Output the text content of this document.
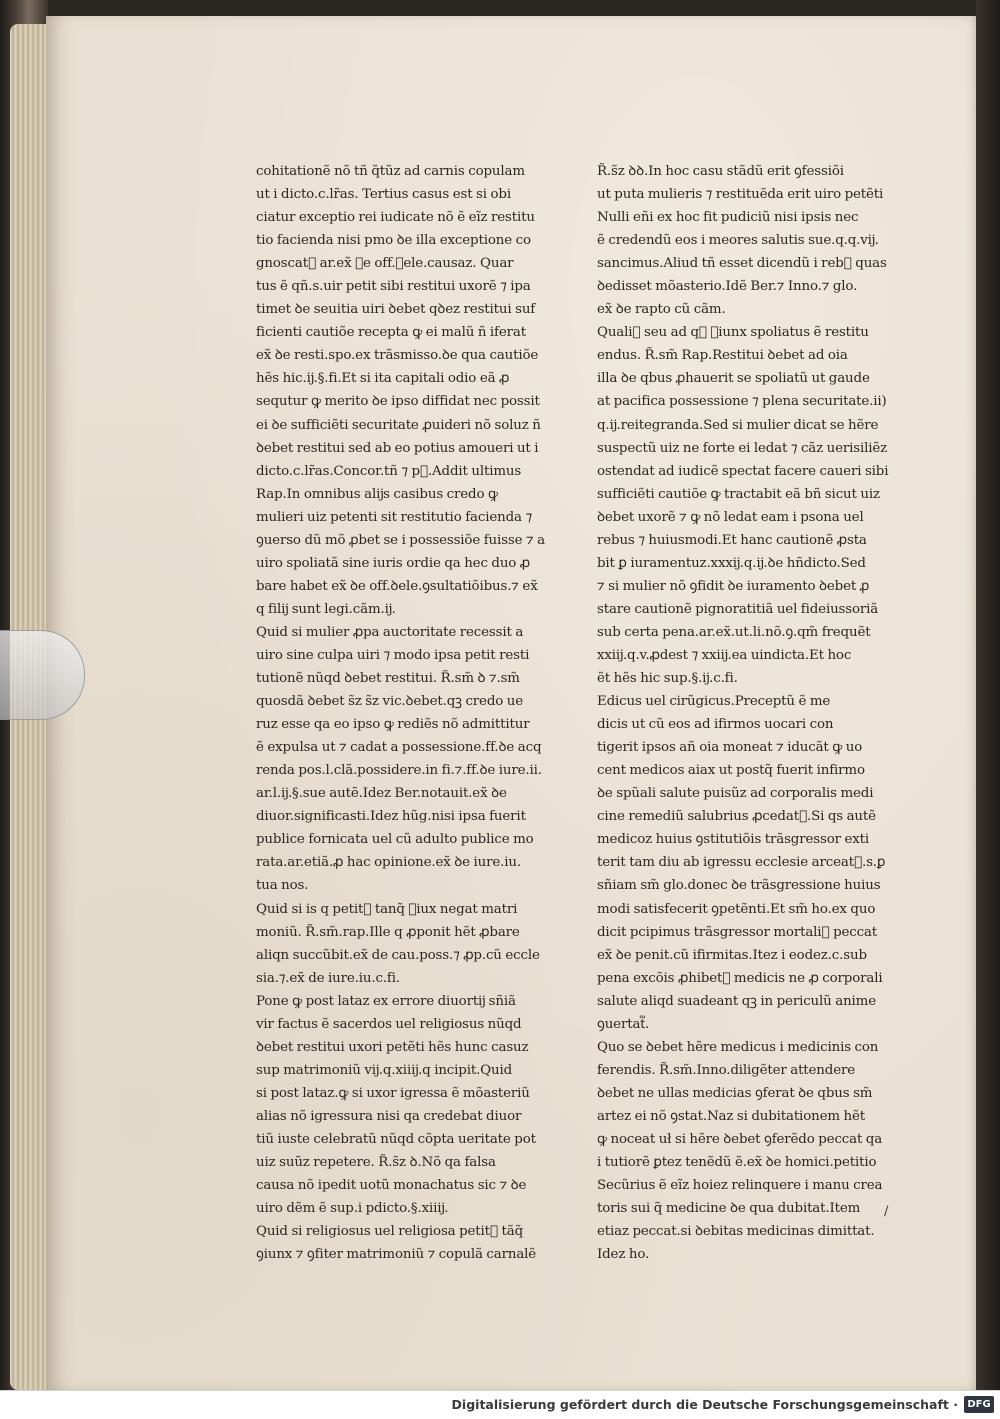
cohitationẽ nõ tñ q̃tũz ad carnis copulam

ut i dicto.c.lr̃as. Tertius casus est si obi

ciatur exceptio rei iudicate nõ ẽ eĩz restitu

tio facienda nisi pmo ꝺe illa exceptione co

gnoscat᷑ ar.ex̃ ꝺe off.ꝺele.causaz. Quar

tus ẽ qñ.s.uir petit sibi restitui uxorẽ ⁊ ipa

timet ꝺe seuitia uiri ꝺebet qꝺez restitui suf

ficienti cautiõe recepta ꝙ ei malũ ñ iferat

ex̃ ꝺe resti.spo.ex trãsmisso.ꝺe qua cautiõe

hẽs hic.ĳ.§.fi.Et si ita capitali odio eã ꝓ

sequtur ꝙ merito ꝺe ipso diffidat nec possit

ei ꝺe sufficiẽti securitate ꝓuideri nõ soluz ñ

ꝺebet restitui sed ab eo potius amoueri ut i

dicto.c.lr̃as.Concor.tñ ⁊ p᷑.Addit ultimus

Rap.In omnibus alĳs casibus credo ꝙ

mulieri uiz petenti sit restitutio facienda ⁊

ꝯuerso dũ mõ ꝓbet se i possessiõe fuisse ⁊ a

uiro spoliatã sine iuris ordie qa hec duo ꝓ

bare habet ex̃ ꝺe off.ꝺele.ꝯsultatiõibus.⁊ ex̃

q filĳ sunt legi.cãm.ĳ.

Quid si mulier ꝓpa auctoritate recessit a

uiro sine culpa uiri ⁊ modo ipsa petit resti

tutionẽ nũqd ꝺebet restitui. R̃.sm̃ ꝺ ⁊.sm̃

quosdã ꝺebet s̃z s̃z vic.ꝺebet.qꝫ credo ue

ruz esse qa eo ipso ꝙ rediẽs nõ admittitur

ẽ expulsa ut ⁊ cadat a possessione.ff.ꝺe acq

renda pos.l.clã.possidere.in fi.⁊.ff.ꝺe iure.ii.

ar.l.ĳ.§.sue autẽ.Idez Ber.notauit.ex̃ ꝺe

diuor.significasti.Idez hũg.nisi ipsa fuerit

publice fornicata uel cũ adulto publice mo

rata.ar.etiã.ꝓ hac opinione.ex̃ ꝺe iure.iu.

tua nos.

Quid si is q petit᷑ tanq̃ ꝯiux negat matri

moniũ. R̃.sm̃.rap.Ille q ꝓponit hẽt ꝓbare

aliqn succũbit.ex̃ de cau.poss.⁊ ꝓp.cũ eccle

sia.⁊.ex̃ de iure.iu.c.fi.

Pone ꝙ post lataz ex errore diuortĳ sñiã

vir factus ẽ sacerdos uel religiosus nũqd

ꝺebet restitui uxori petẽti hẽs hunc casuz

sup matrimoniũ vĳ.q.xiiĳ.q incipit.Quid

si post lataz.ꝙ si uxor igressa ẽ mõasteriũ

alias nõ igressura nisi qa credebat diuor

tiũ iuste celebratũ nũqd cõpta ueritate pot

uiz suũz repetere. R̃.s̃z ꝺ.Nõ qa falsa

causa nõ ipedit uotũ monachatus sic ⁊ ꝺe

uiro dẽm ẽ sup.i pdicto.§.xiiĳ.

Quid si religiosus uel religiosa petit᷑ tãq̃

ꝯiunx ⁊ ꝯfiter matrimoniũ ⁊ copulã carnalẽ

R̃.s̃z ꝺꝺ.In hoc casu stãdũ erit ꝯfessiõi

ut puta mulieris ⁊ restituẽda erit uiro petẽti

Nulli eñi ex hoc fit pudiciũ nisi ipsis nec

ẽ credendũ eos i meores salutis sue.q.q.vĳ.

sancimus.Aliud tñ esset dicendũ i reb᷑ quas

ꝺedisset mõasterio.Idẽ Ber.⁊ Inno.⁊ glo.

ex̃ ꝺe rapto cũ cãm.

Quali᷑ seu ad qꝫ ꝯiunx spoliatus ẽ restitu

endus. R̃.sm̃ Rap.Restitui ꝺebet ad oia

illa ꝺe qbus ꝓhauerit se spoliatũ ut gaude

at pacifica possessione ⁊ plena securitate.ii)

q.ĳ.reitegranda.Sed si mulier dicat se hẽre

suspectũ uiz ne forte ei ledat ⁊ cãz uerisiliẽz

ostendat ad iudicẽ spectat facere caueri sibi

sufficiẽti cautiõe ꝙ tractabit eã bñ sicut uiz

ꝺebet uxorẽ ⁊ ꝙ nõ ledat eam i psona uel

rebus ⁊ huiusmodi.Et hanc cautionẽ ꝓsta

bit ꝑ iuramentuz.xxxĳ.q.ĳ.ꝺe hñdicto.Sed

⁊ si mulier nõ ꝯfidit ꝺe iuramento ꝺebet ꝓ

stare cautionẽ pignoratitiã uel fideiussoriã

sub certa pena.ar.ex̃.ut.li.nõ.ꝯ.qm̃ frequẽt

xxiĳ.q.v.ꝓdest ⁊ xxiĳ.ea uindicta.Et hoc

ẽt hẽs hic sup.§.ĳ.c.fi.

Edicus uel cirũgicus.Preceptũ ẽ me

dicis ut cũ eos ad ifirmos uocari con

tigerit ipsos añ oia moneat ⁊ iducãt ꝙ uo

cent medicos aiax ut postq̃ fuerit infirmo

ꝺe spũali salute puisũz ad corporalis medi

cine remediũ salubrius ꝓcedat᷑.Si qs autẽ

medicoz huius ꝯstitutiõis trãsgressor exti

terit tam diu ab igressu ecclesie arceat᷑.s.ꝑ

sñiam sm̃ glo.donec ꝺe trãsgressione huius

modi satisfecerit ꝯpetẽnti.Et sm̃ ho.ex quo

dicit pcipimus trãsgressor mortali᷑ peccat

ex̃ ꝺe penit.cũ ifirmitas.Itez i eodez.c.sub

pena excõis ꝓhibet᷑ medicis ne ꝓ corporali

salute aliqd suadeant qꝫ in periculũ anime

ꝯuertat᷑.

Quo se ꝺebet hẽre medicus i medicinis con

ferendis. R̃.sm̃.Inno.diligẽter attendere

ꝺebet ne ullas medicias ꝯferat ꝺe qbus sm̃

artez ei nõ ꝯstat.Naz si dubitationem hẽt

ꝙ noceat uł si hẽre ꝺebet ꝯferẽdo peccat qa

i tutiorẽ ꝑtez tenẽdũ ẽ.ex̃ ꝺe homici.petitio

Secũrius ẽ eĩz hoiez relinquere i manu crea

toris sui q̃ medicine ꝺe qua dubitat.Item

etiaz peccat.si ꝺebitas medicinas dimittat.

Idez ho.

/
Digitalisierung gefördert durch die Deutsche Forschungsgemeinschaft · DFG
